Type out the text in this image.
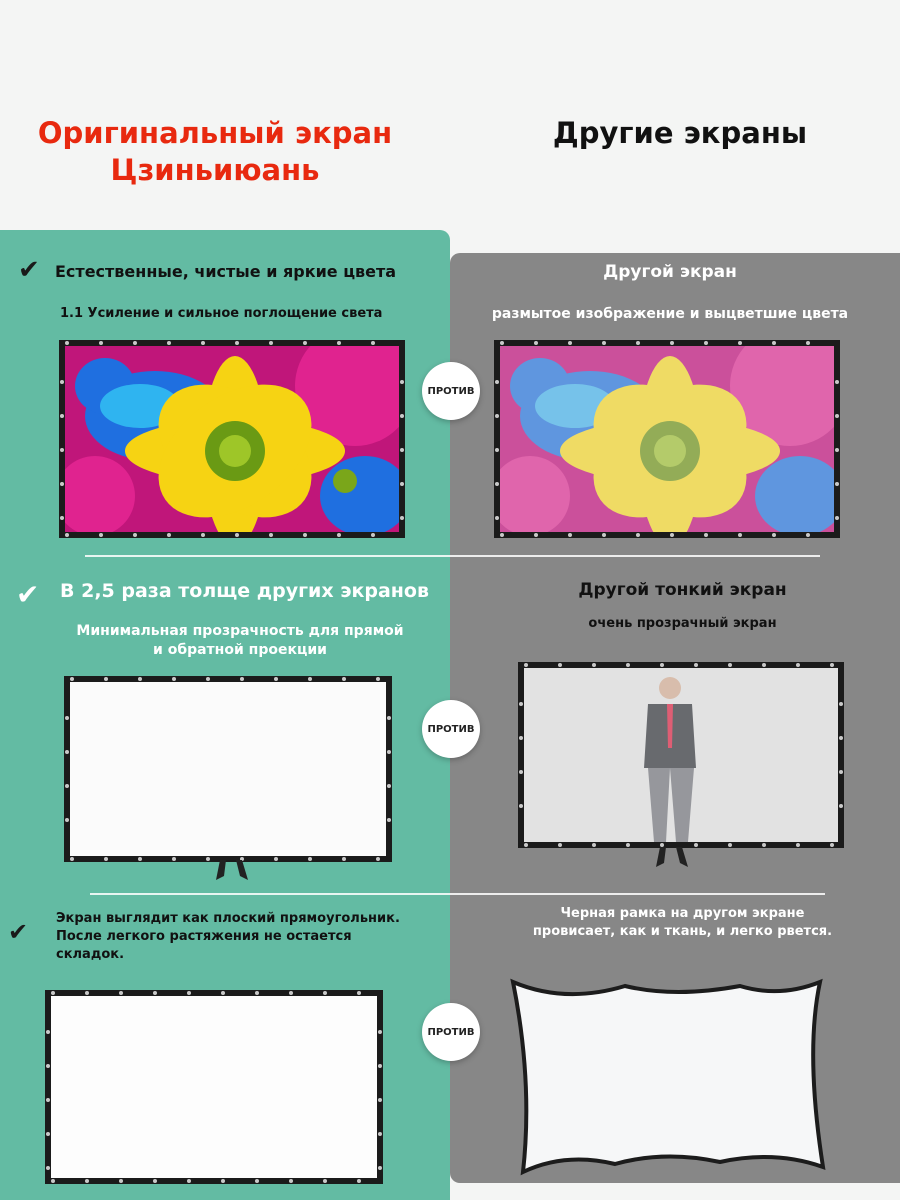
Оригинальный экран
Цзиньиюань
Другие экраны
✔ Естественные, чистые и яркие цвета
1.1 Усиление и сильное поглощение света
Другой экран
размытое изображение и выцветшие цвета
ПРОТИВ
✔ В 2,5 раза толще других экранов
Минимальная прозрачность для прямой
и обратной проекции
Другой тонкий экран
очень прозрачный экран
ПРОТИВ
✔ Экран выглядит как плоский прямоугольник.
После легкого растяжения не остается
складок.
Черная рамка на другом экране
провисает, как и ткань, и легко рвется.
ПРОТИВ
